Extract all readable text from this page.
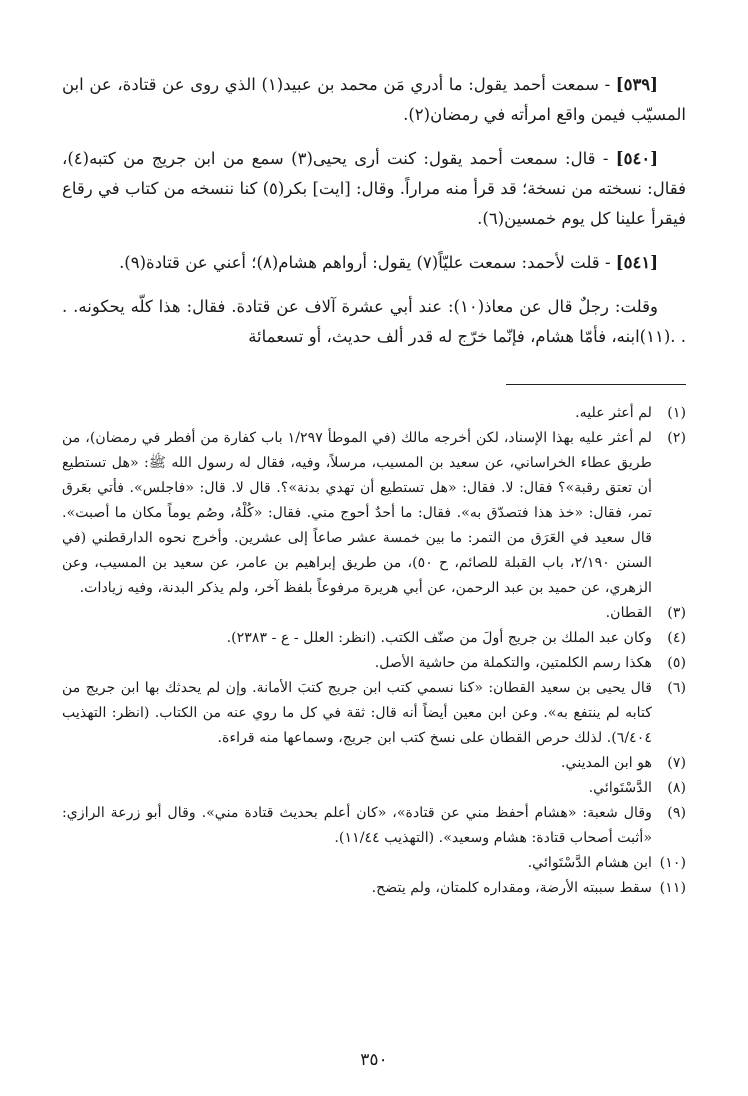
[٥٣٩] - سمعت أحمد يقول: ما أدري مَن محمد بن عبيد(١) الذي روى عن قتادة، عن ابن المسيّب فيمن واقع امرأته في رمضان(٢).

[٥٤٠] - قال: سمعت أحمد يقول: كنت أرى يحيى(٣) سمع من ابن جريج من كتبه(٤)، فقال: نسخته من نسخة؛ قد قرأ منه مراراً. وقال: [ايت] بكر(٥) كنا ننسخه من كتاب في رقاع فيقرأ علينا كل يوم خمسين(٦).

[٥٤١] - قلت لأحمد: سمعت عليّاً(٧) يقول: أرواهم هشام(٨)؛ أعني عن قتادة(٩).

وقلت: رجلٌ قال عن معاذ(١٠): عند أبي عشرة آلاف عن قتادة. فقال: هذا كلّه يحكونه. . . .(١١)ابنه، فأمّا هشام، فإنّما خرّج له قدر ألف حديث، أو تسعمائة

(١)
لم أعثر عليه.
(٢)
لم أعثر عليه بهذا الإسناد، لكن أخرجه مالك (في الموطأ ١/٢٩٧ باب كفارة من أفطر في رمضان)، من طريق عطاء الخراساني، عن سعيد بن المسيب، مرسلاً، وفيه، فقال له رسول الله ﷺ: «هل تستطيع أن تعتق رقبة»؟ فقال: لا. فقال: «هل تستطيع أن تهدي بدنة»؟. قال لا. قال: «فاجلس». فأتي بعَرق تمر، فقال: «خذ هذا فتصدّق به». فقال: ما أحدٌ أحوج مني. فقال: «كُلْهُ، وصُم يوماً مكان ما أصبت». قال سعيد في العَرَق من التمر: ما بين خمسة عشر صاعاً إلى عشرين. وأخرج نحوه الدارقطني (في السنن ٢/١٩٠، باب القبلة للصائم، ح ٥٠)، من طريق إبراهيم بن عامر، عن سعيد بن المسيب، وعن الزهري، عن حميد بن عبد الرحمن، عن أبي هريرة مرفوعاً بلفظ آخر، ولم يذكر البدنة، وفيه زيادات.
(٣)
القطان.
(٤)
وكان عبد الملك بن جريج أولَ من صنّف الكتب. (انظر: العلل - ع - ٢٣٨٣).
(٥)
هكذا رسم الكلمتين، والتكملة من حاشية الأصل.
(٦)
قال يحيى بن سعيد القطان: «كنا نسمي كتب ابن جريج كتبَ الأمانة. وإن لم يحدثك بها ابن جريج من كتابه لم ينتفع به». وعن ابن معين أيضاً أنه قال: ثقة في كل ما روي عنه من الكتاب. (انظر: التهذيب ٦/٤٠٤). لذلك حرص القطان على نسخ كتب ابن جريج، وسماعها منه قراءة.
(٧)
هو ابن المديني.
(٨)
الدَّسْتَوائي.
(٩)
وقال شعبة: «هشام أحفظ مني عن قتادة»، «كان أعلم بحديث قتادة مني». وقال أبو زرعة الرازي: «أثبت أصحاب قتادة: هشام وسعيد». (التهذيب ١١/٤٤).
(١٠)
ابن هشام الدَّسْتَوائي.
(١١)
سقط سببته الأرضة، ومقداره كلمتان، ولم يتضح.
٣٥٠
